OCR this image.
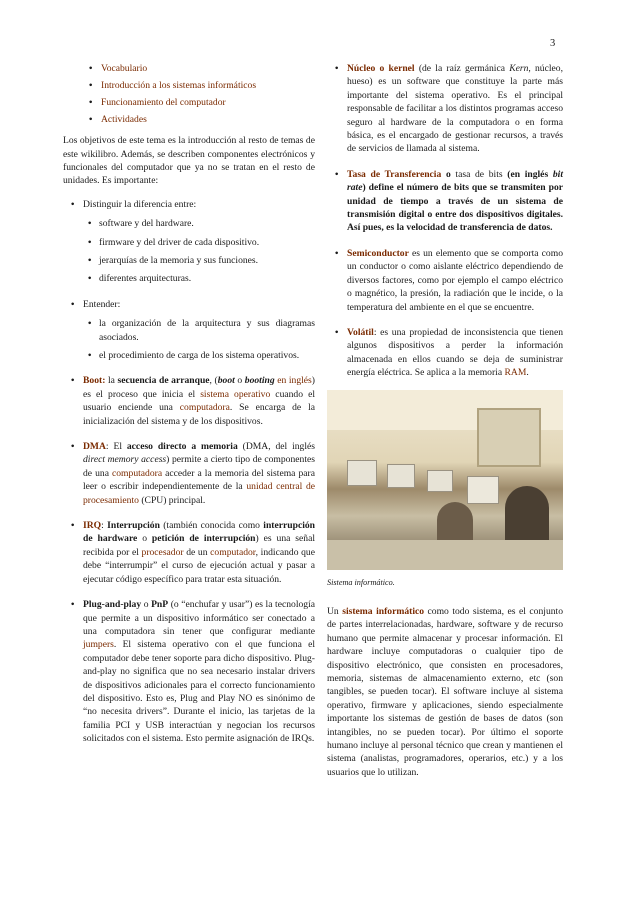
3
• Vocabulario
• Introducción a los sistemas informáticos
• Funcionamiento del computador
• Actividades

Los objetivos de este tema es la introducción al resto de temas de este wikilibro. Además, se describen componentes electrónicos y funcionales del computador que ya no se tratan en el resto de unidades. Es importante:

• Distinguir la diferencia entre:
• software y del hardware.
• firmware y del driver de cada dispositivo.
• jerarquías de la memoria y sus funciones.
• diferentes arquitecturas.
• Entender:
• la organización de la arquitectura y sus diagramas asociados.
• el procedimiento de carga de los sistema operativos.
• Boot: la secuencia de arranque, (boot o booting en inglés) es el proceso que inicia el sistema operativo cuando el usuario enciende una computadora. Se encarga de la inicialización del sistema y de los dispositivos.
• DMA: El acceso directo a memoria (DMA, del inglés direct memory access) permite a cierto tipo de componentes de una computadora acceder a la memoria del sistema para leer o escribir independientemente de la unidad central de procesamiento (CPU) principal.
• IRQ: Interrupción (también conocida como interrupción de hardware o petición de interrupción) es una señal recibida por el procesador de un computador, indicando que debe “interrumpir” el curso de ejecución actual y pasar a ejecutar código específico para tratar esta situación.
• Plug-and-play o PnP (o “enchufar y usar”) es la tecnología que permite a un dispositivo informático ser conectado a una computadora sin tener que configurar mediante jumpers. El sistema operativo con el que funciona el computador debe tener soporte para dicho dispositivo. Plug-and-play no significa que no sea necesario instalar drivers de dispositivos adicionales para el correcto funcionamiento del dispositivo. Esto es, Plug and Play NO es sinónimo de “no necesita drivers”. Durante el inicio, las tarjetas de la familia PCI y USB interactúan y negocian los recursos solicitados con el sistema. Esto permite asignación de IRQs.
• Núcleo o kernel (de la raíz germánica Kern, núcleo, hueso) es un software que constituye la parte más importante del sistema operativo. Es el principal responsable de facilitar a los distintos programas acceso seguro al hardware de la computadora o en forma básica, es el encargado de gestionar recursos, a través de servicios de llamada al sistema.
• Tasa de Transferencia o tasa de bits (en inglés bit rate) define el número de bits que se transmiten por unidad de tiempo a través de un sistema de transmisión digital o entre dos dispositivos digitales. Así pues, es la velocidad de transferencia de datos.
• Semiconductor es un elemento que se comporta como un conductor o como aislante eléctrico dependiendo de diversos factores, como por ejemplo el campo eléctrico o magnético, la presión, la radiación que le incide, o la temperatura del ambiente en el que se encuentre.
• Volátil: es una propiedad de inconsistencia que tienen algunos dispositivos a perder la información almacenada en ellos cuando se deja de suministrar energía eléctrica. Se aplica a la memoria RAM.
Sistema informático.

Un sistema informático como todo sistema, es el conjunto de partes interrelacionadas, hardware, software y de recurso humano que permite almacenar y procesar información. El hardware incluye computadoras o cualquier tipo de dispositivo electrónico, que consisten en procesadores, memoria, sistemas de almacenamiento externo, etc (son tangibles, se pueden tocar). El software incluye al sistema operativo, firmware y aplicaciones, siendo especialmente importante los sistemas de gestión de bases de datos (son intangibles, no se pueden tocar). Por último el soporte humano incluye al personal técnico que crean y mantienen el sistema (analistas, programadores, operarios, etc.) y a los usuarios que lo utilizan.
